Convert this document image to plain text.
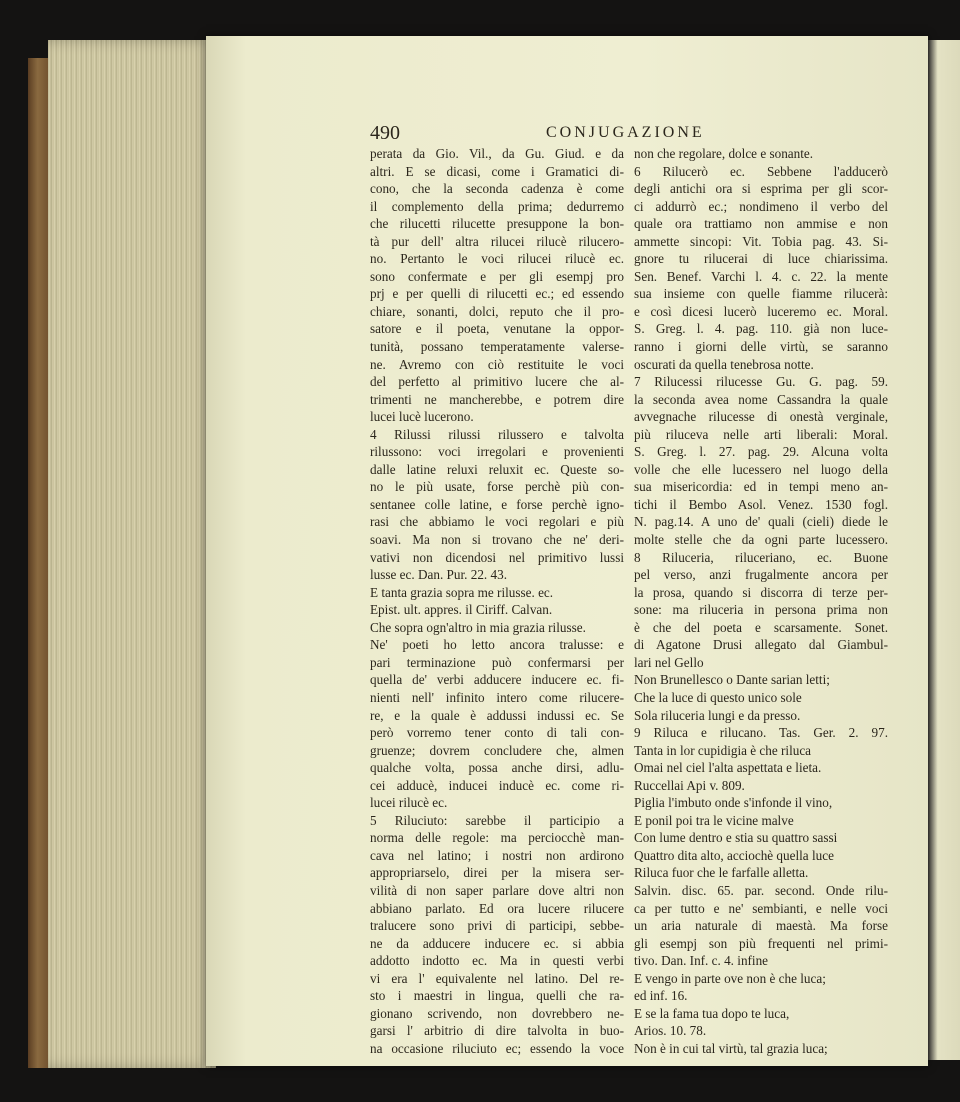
490	CONJUGAZIONE
perata da Gio. Vil., da Gu. Giud. e da
altri. E se dicasi, come i Gramatici di-
cono, che la seconda cadenza è come
il complemento della prima; dedurremo
che rilucetti rilucette presuppone la bon-
tà pur dell' altra rilucei rilucè rilucero-
no. Pertanto le voci rilucei rilucè ec.
sono confermate e per gli esempj pro
prj e per quelli di rilucetti ec.; ed essendo
chiare, sonanti, dolci, reputo che il pro-
satore e il poeta, venutane la oppor-
tunità, possano temperatamente valerse-
ne. Avremo con ciò restituite le voci
del perfetto al primitivo lucere che al-
trimenti ne mancherebbe, e potrem dire
lucei lucè lucerono.
4 Rilussi rilussi rilussero e talvolta
rilussono: voci irregolari e provenienti
dalle latine reluxi reluxit ec. Queste so-
no le più usate, forse perchè più con-
sentanee colle latine, e forse perchè igno-
rasi che abbiamo le voci regolari e più
soavi. Ma non si trovano che ne' deri-
vativi non dicendosi nel primitivo lussi
lusse ec. Dan. Pur. 22. 43.
E tanta grazia sopra me rilusse. ec.
Epist. ult. appres. il Ciriff. Calvan.
Che sopra ogn'altro in mia grazia rilusse.
Ne' poeti ho letto ancora tralusse: e
pari terminazione può confermarsi per
quella de' verbi adducere inducere ec. fi-
nienti nell' infinito intero come rilucere-
re, e la quale è addussi indussi ec. Se
però vorremo tener conto di tali con-
gruenze; dovrem concludere che, almen
qualche volta, possa anche dirsi, adlu-
cei adducè, inducei inducè ec. come ri-
lucei rilucè ec.
5 Riluciuto: sarebbe il participio a
norma delle regole: ma perciocchè man-
cava nel latino; i nostri non ardirono
appropriarselo, direi per la misera ser-
vilità di non saper parlare dove altri non
abbiano parlato. Ed ora lucere rilucere
tralucere sono privi di participi, sebbe-
ne da adducere inducere ec. si abbia
addotto indotto ec. Ma in questi verbi
vi era l' equivalente nel latino. Del re-
sto i maestri in lingua, quelli che ra-
gionano scrivendo, non dovrebbero ne-
garsi l' arbitrio di dire talvolta in buo-
na occasione riluciuto ec; essendo la voce
non che regolare, dolce e sonante.
6 Rilucerò ec. Sebbene l'adducerò
degli antichi ora si esprima per gli scor-
ci addurrò ec.; nondimeno il verbo del
quale ora trattiamo non ammise e non
ammette sincopi: Vit. Tobia pag. 43. Si-
gnore tu rilucerai di luce chiarissima.
Sen. Benef. Varchi l. 4. c. 22. la mente
sua insieme con quelle fiamme rilucerà:
e così dicesi lucerò luceremo ec. Moral.
S. Greg. l. 4. pag. 110. già non luce-
ranno i giorni delle virtù, se saranno
oscurati da quella tenebrosa notte.
7 Rilucessi rilucesse Gu. G. pag. 59.
la seconda avea nome Cassandra la quale
avvegnache rilucesse di onestà verginale,
più riluceva nelle arti liberali: Moral.
S. Greg. l. 27. pag. 29. Alcuna volta
volle che elle lucessero nel luogo della
sua misericordia: ed in tempi meno an-
tichi il Bembo Asol. Venez. 1530 fogl.
N. pag.14. A uno de' quali (cieli) diede le
molte stelle che da ogni parte lucessero.
8 Riluceria, riluceriano, ec. Buone
pel verso, anzi frugalmente ancora per
la prosa, quando si discorra di terze per-
sone: ma riluceria in persona prima non
è che del poeta e scarsamente. Sonet.
di Agatone Drusi allegato dal Giambul-
lari nel Gello
Non Brunellesco o Dante sarian letti;
Che la luce di questo unico sole
Sola riluceria lungi e da presso.
9 Riluca e rilucano. Tas. Ger. 2. 97.
Tanta in lor cupidigia è che riluca
Omai nel ciel l'alta aspettata e lieta.
Ruccellai Api v. 809.
Piglia l'imbuto onde s'infonde il vino,
E ponil poi tra le vicine malve
Con lume dentro e stia su quattro sassi
Quattro dita alto, acciochè quella luce
Riluca fuor che le farfalle alletta.
Salvin. disc. 65. par. second. Onde rilu-
ca per tutto e ne' sembianti, e nelle voci
un aria naturale di maestà. Ma forse
gli esempj son più frequenti nel primi-
tivo. Dan. Inf. c. 4. infine
E vengo in parte ove non è che luca;
ed inf. 16.
E se la fama tua dopo te luca,
Arios. 10. 78.
Non è in cui tal virtù, tal grazia luca;
